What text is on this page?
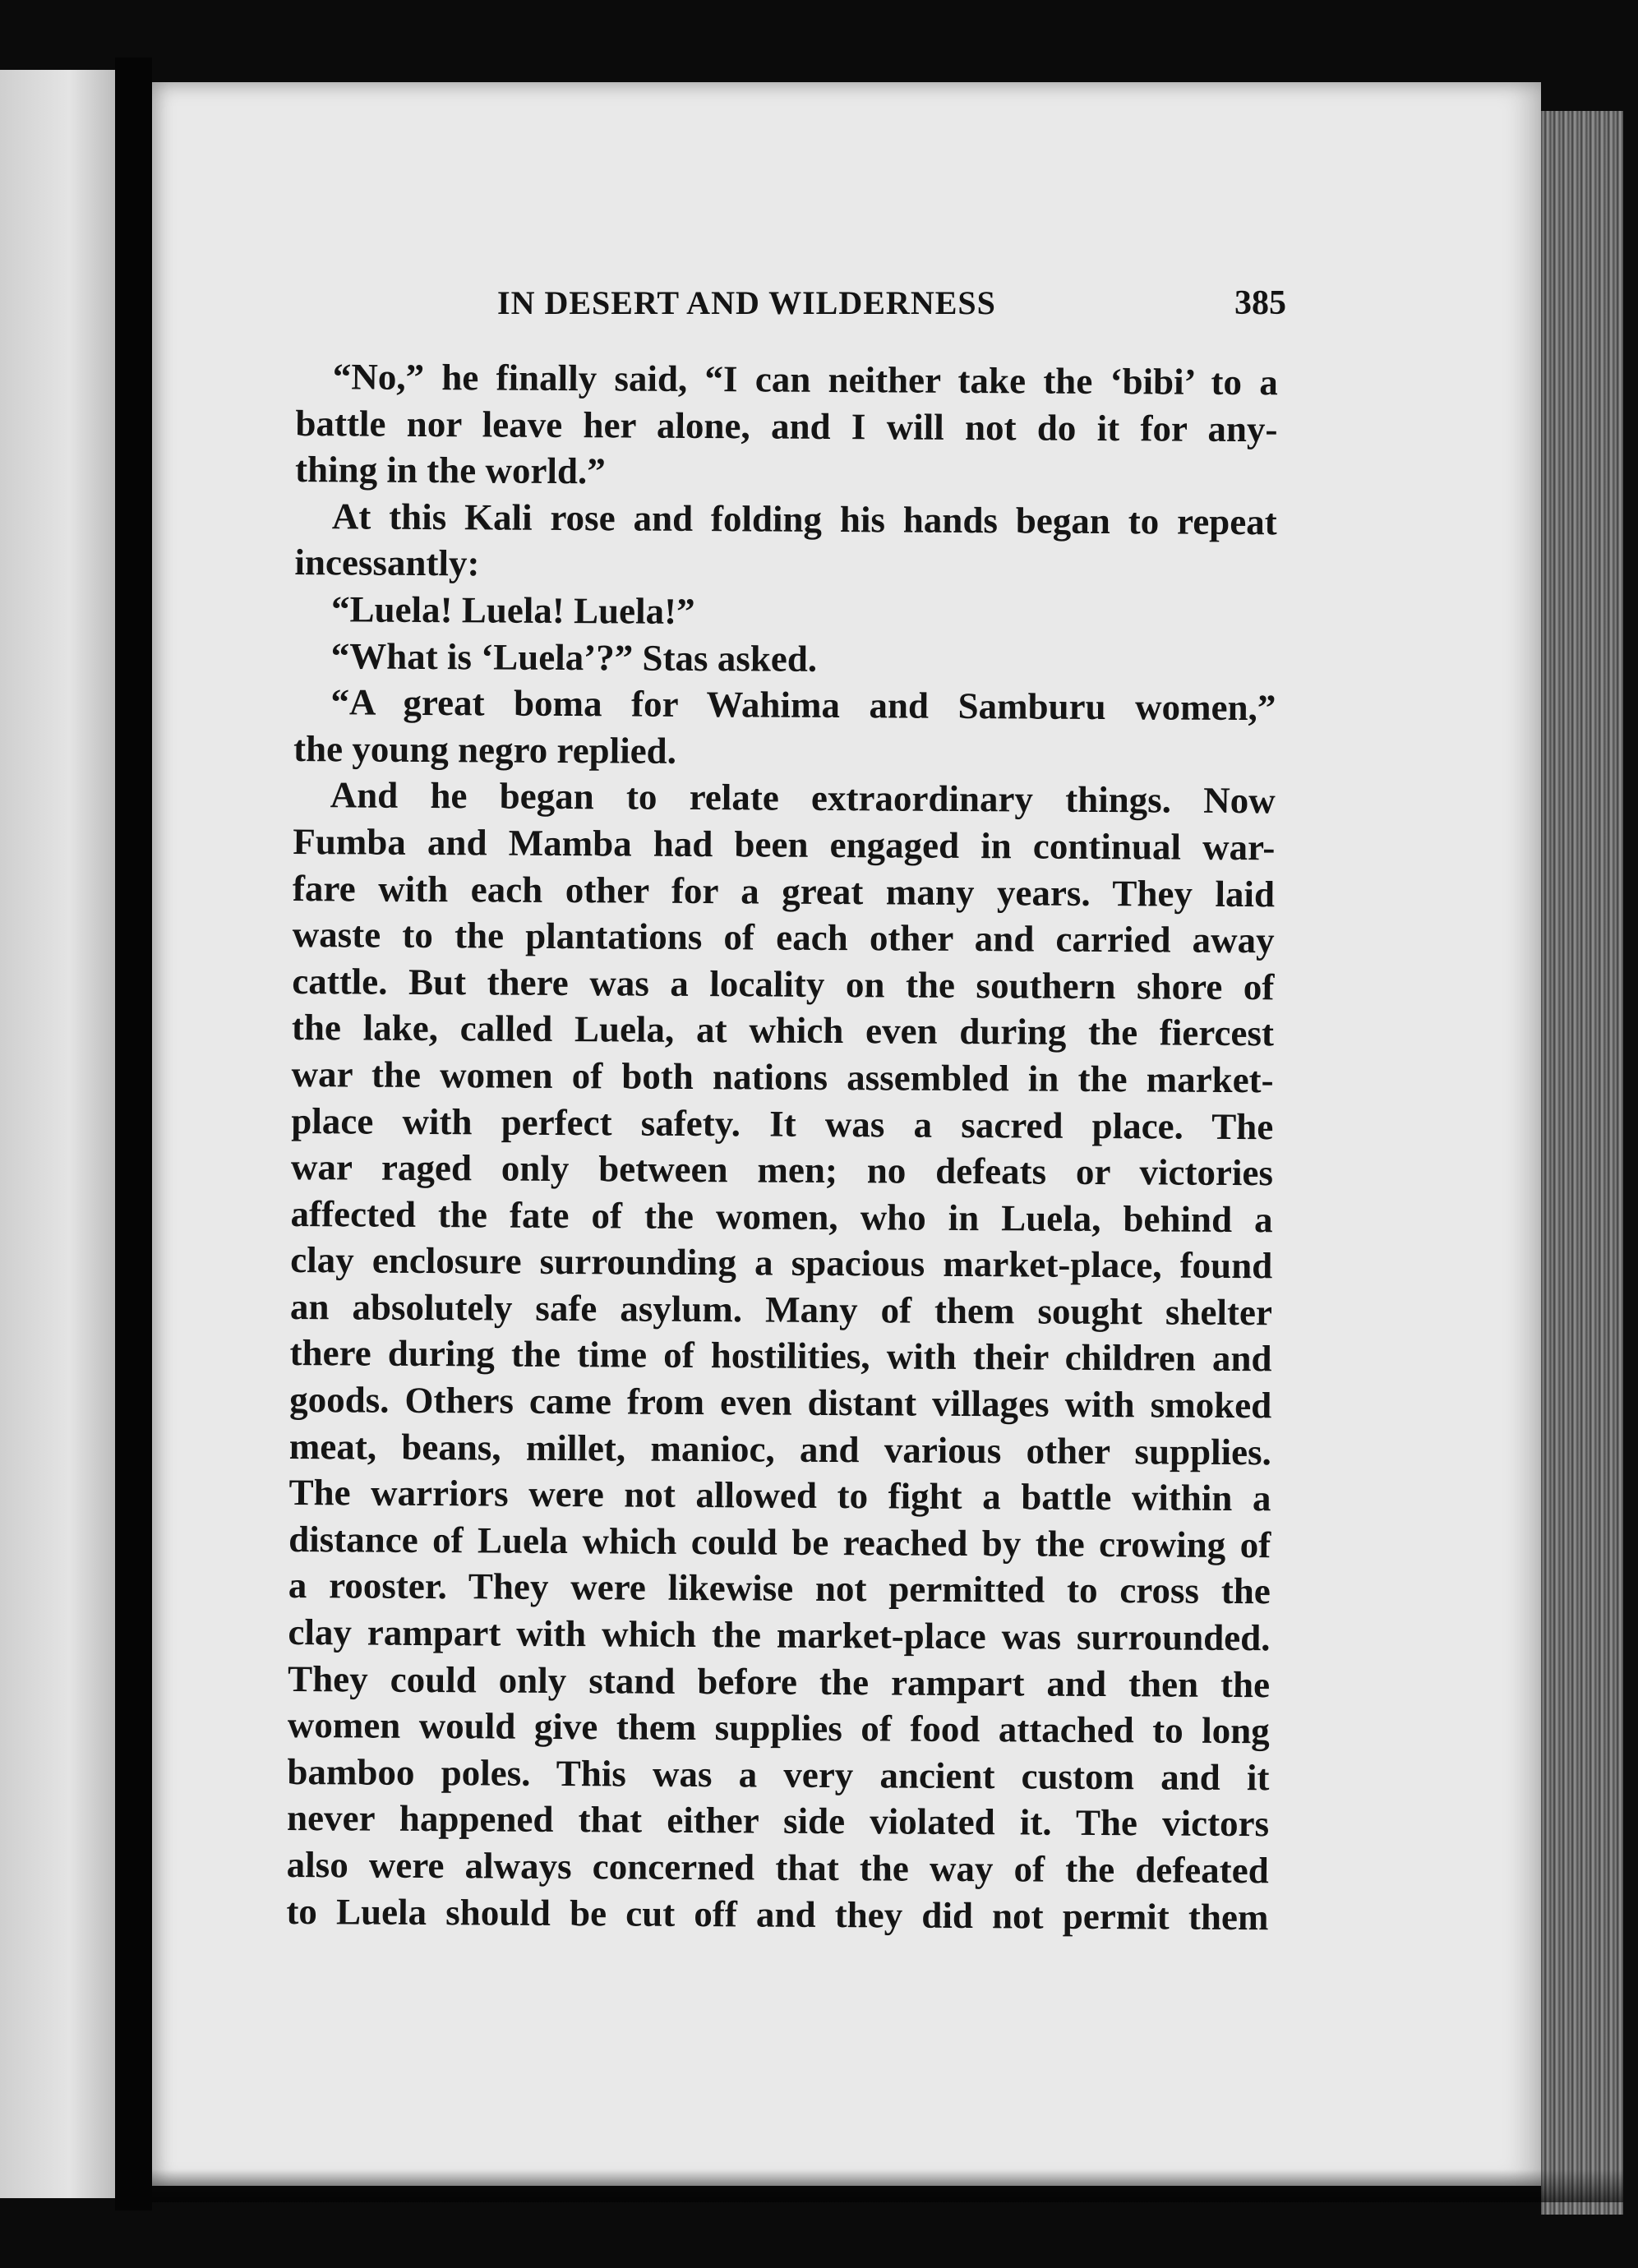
IN DESERT AND WILDERNESS	385
“No,” he finally said, “I can neither take the ‘bibi’ to a
battle nor leave her alone, and I will not do it for any-
thing in the world.”
At this Kali rose and folding his hands began to repeat
incessantly:
“Luela! Luela! Luela!”
“What is ‘Luela’?” Stas asked.
“A great boma for Wahima and Samburu women,”
the young negro replied.
And he began to relate extraordinary things. Now
Fumba and Mamba had been engaged in continual war-
fare with each other for a great many years. They laid
waste to the plantations of each other and carried away
cattle. But there was a locality on the southern shore of
the lake, called Luela, at which even during the fiercest
war the women of both nations assembled in the market-
place with perfect safety. It was a sacred place. The
war raged only between men; no defeats or victories
affected the fate of the women, who in Luela, behind a
clay enclosure surrounding a spacious market-place, found
an absolutely safe asylum. Many of them sought shelter
there during the time of hostilities, with their children and
goods. Others came from even distant villages with smoked
meat, beans, millet, manioc, and various other supplies.
The warriors were not allowed to fight a battle within a
distance of Luela which could be reached by the crowing of
a rooster. They were likewise not permitted to cross the
clay rampart with which the market-place was surrounded.
They could only stand before the rampart and then the
women would give them supplies of food attached to long
bamboo poles. This was a very ancient custom and it
never happened that either side violated it. The victors
also were always concerned that the way of the defeated
to Luela should be cut off and they did not permit them
